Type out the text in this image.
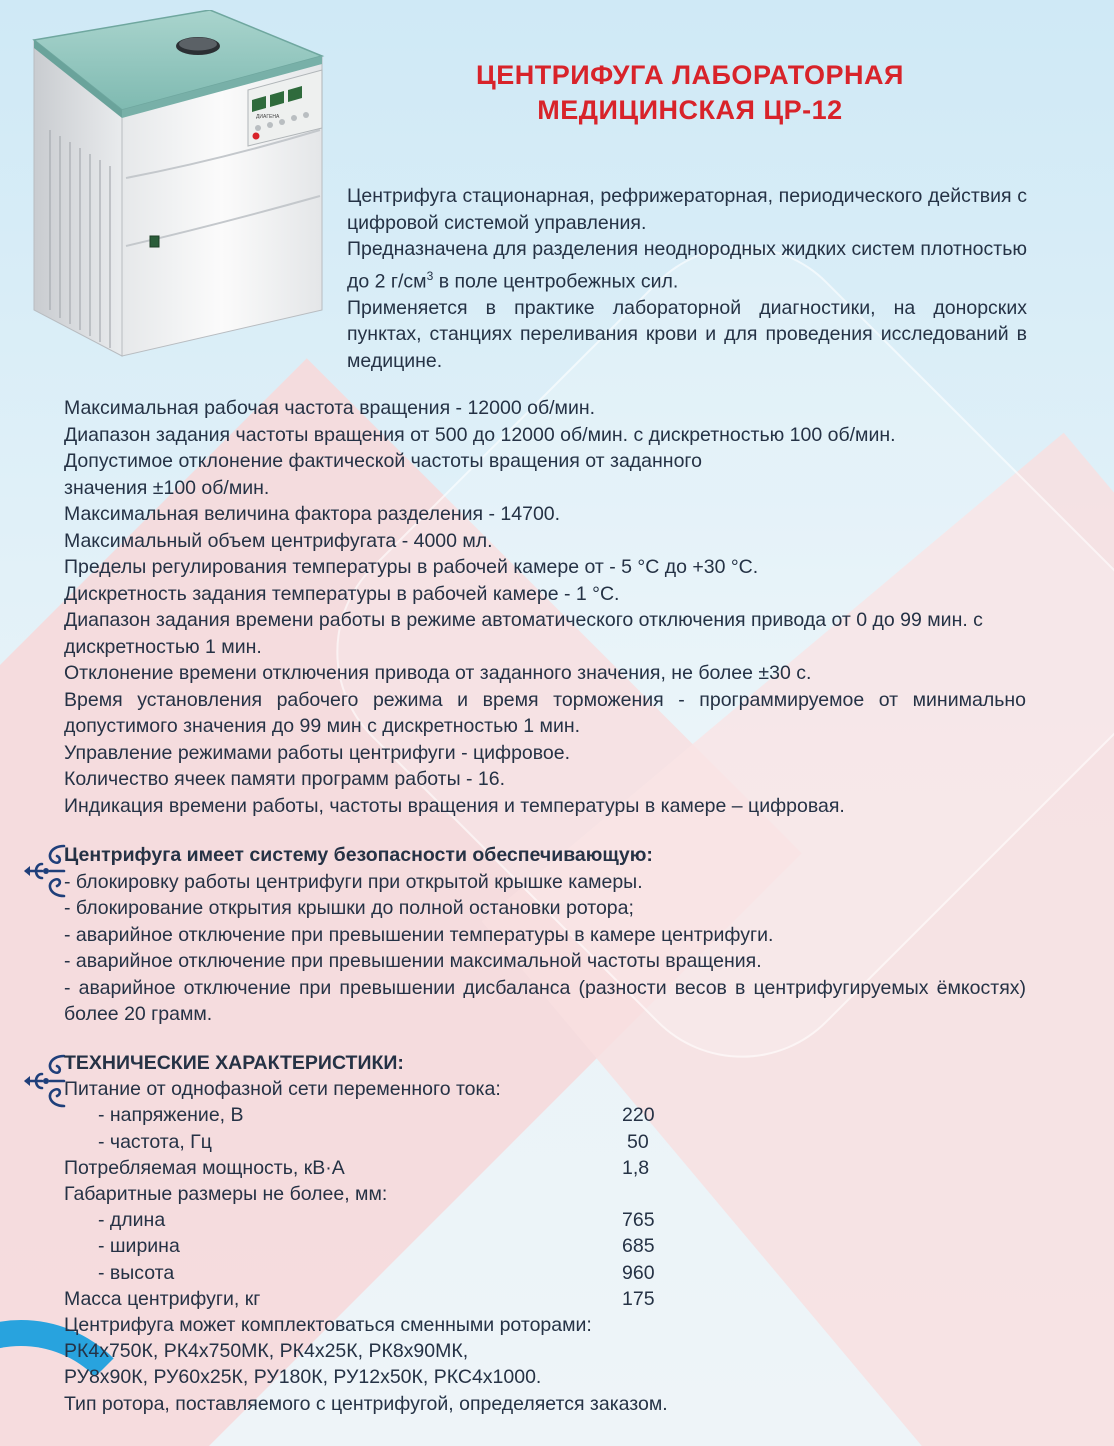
ДИАГЕНА
ЦЕНТРИФУГА ЛАБОРАТОРНАЯ
МЕДИЦИНСКАЯ ЦР-12

Центрифуга стационарная, рефрижераторная, периодического действия с цифровой системой управления.

Предназначена для разделения неоднородных жидких систем плотностью до 2 $г/см^3$ в поле центробежных сил.

Применяется в практике лабораторной диагностики, на донорских пунктах, станциях переливания крови и для проведения исследований в медицине.

Максимальная рабочая частота вращения - 12000 об/мин.

Диапазон задания частоты вращения от 500 до 12000 об/мин. с дискретностью 100 об/мин.

Допустимое отклонение фактической частоты вращения от заданного

значения ±100 об/мин.

Максимальная величина фактора разделения - 14700.

Максимальный объем центрифугата - 4000 мл.

Пределы регулирования температуры в рабочей камере от - 5 °С до +30 °С.

Дискретность задания температуры в рабочей камере - 1 °С.

Диапазон задания времени работы в режиме автоматического отключения привода от 0 до 99 мин. с дискретностью 1 мин.

Отклонение времени отключения привода от заданного значения, не более ±30 с.

Время установления рабочего режима и время торможения - программируемое от минимально допустимого значения до 99 мин с дискретностью 1 мин.

Управление режимами работы центрифуги - цифровое.

Количество ячеек памяти программ работы - 16.

Индикация времени работы, частоты вращения и температуры в камере – цифровая.

Центрифуга имеет систему безопасности обеспечивающую:

- блокировку работы центрифуги при открытой крышке камеры.

- блокирование открытия крышки до полной остановки ротора;

- аварийное отключение при превышении температуры в камере центрифуги.

- аварийное отключение при превышении максимальной частоты вращения.

- аварийное отключение при превышении дисбаланса (разности весов в центрифугируемых ёмкостях) более 20 грамм.

ТЕХНИЧЕСКИЕ ХАРАКТЕРИСТИКИ:

Питание от однофазной сети переменного тока:

- напряжение, В	220
- частота, Гц	50
Потребляемая мощность, кВ·А	1,8

Габаритные размеры не более, мм:

- длина	765
- ширина	685
- высота	960
Масса центрифуги, кг	175

Центрифуга может комплектоваться сменными роторами:

РК4х750К, РК4х750МК, РК4х25К, РК8х90МК,

РУ8х90К, РУ60х25К, РУ180К, РУ12х50К, РКС4х1000.

Тип ротора, поставляемого с центрифугой, определяется заказом.
